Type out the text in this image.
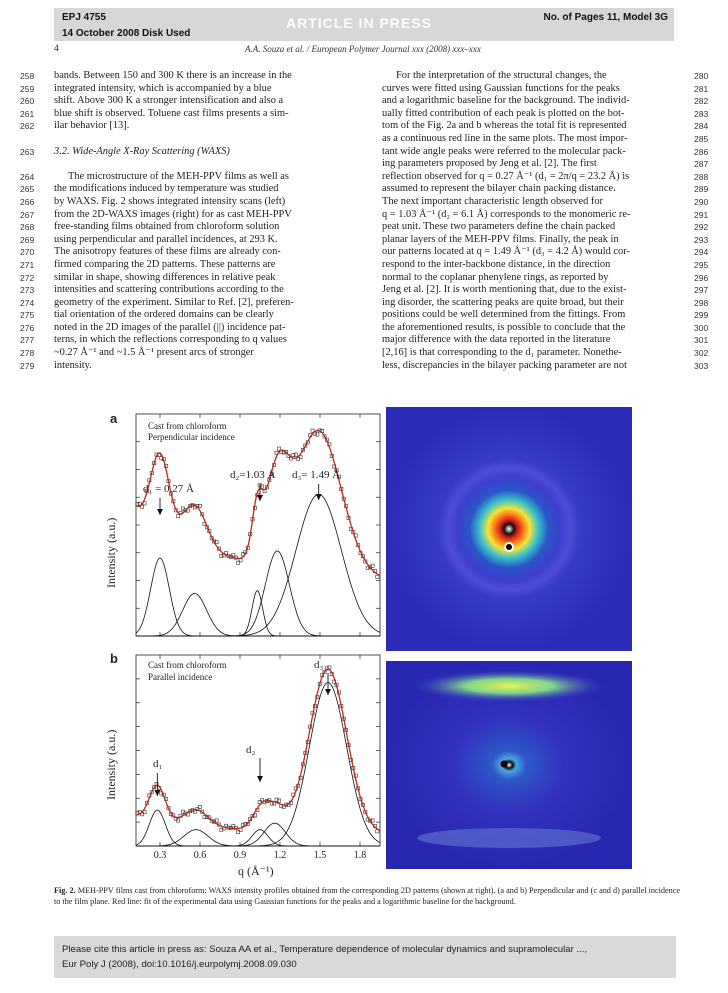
EPJ 4755
14 October 2008 Disk Used
ARTICLE IN PRESS	No. of Pages 11, Model 3G
4	A.A. Souza et al. / European Polymer Journal xxx (2008) xxx–xxx
258
259
260
261
262
263
264
265
266
267
268
269
270
271
272
273
274
275
276
277
278
279
280
281
282
283
284
285
286
287
288
289
290
291
292
293
294
295
296
297
298
299
300
301
302
303
bands. Between 150 and 300 K there is an increase in the
integrated intensity, which is accompanied by a blue
shift. Above 300 K a stronger intensification and also a
blue shift is observed. Toluene cast films presents a sim-
ilar behavior [13].
3.2. Wide-Angle X-Ray Scattering (WAXS)
The microstructure of the MEH-PPV films as well as
the modifications induced by temperature was studied
by WAXS. Fig. 2 shows integrated intensity scans (left)
from the 2D-WAXS images (right) for as cast MEH-PPV
free-standing films obtained from chloroform solution
using perpendicular and parallel incidences, at 293 K.
The anisotropy features of these films are already con-
firmed comparing the 2D patterns. These patterns are
similar in shape, showing differences in relative peak
intensities and scattering contributions according to the
geometry of the experiment. Similar to Ref. [2], preferen-
tial orientation of the ordered domains can be clearly
noted in the 2D images of the parallel (||) incidence pat-
terns, in which the reflections corresponding to q values
~0.27 Å⁻¹ and ~1.5 Å⁻¹ present arcs of stronger
intensity.
For the interpretation of the structural changes, the
curves were fitted using Gaussian functions for the peaks
and a logarithmic baseline for the background. The individ-
ually fitted contribution of each peak is plotted on the bot-
tom of the Fig. 2a and b whereas the total fit is represented
as a continuous red line in the same plots. The most impor-
tant wide angle peaks were referred to the molecular pack-
ing parameters proposed by Jeng et al. [2]. The first
reflection observed for q = 0.27 Å⁻¹ (d₁ = 2π/q = 23.2 Å) is
assumed to represent the bilayer chain packing distance.
The next important characteristic length observed for
q = 1.03 Å⁻¹ (d₂ = 6.1 Å) corresponds to the monomeric re-
peat unit. These two parameters define the chain packed
planar layers of the MEH-PPV films. Finally, the peak in
our patterns located at q = 1.49 Å⁻¹ (d₃ = 4.2 Å) would cor-
respond to the inter-backbone distance, in the direction
normal to the coplanar phenylene rings, as reported by
Jeng et al. [2]. It is worth mentioning that, due to the exist-
ing disorder, the scattering peaks are quite broad, but their
positions could be well determined from the fittings. From
the aforementioned results, is possible to conclude that the
major difference with the data reported in the literature
[2,16] is that corresponding to the d₁ parameter. Nonethe-
less, discrepancies in the bilayer packing parameter are not
0.3	0.6	0.9	1.2	1.5	1.8
a
b
Cast from chloroform
Perpendicular incidence
Cast from chloroform
Parallel incidence
d₁ = 0.27 Å
d₂=1.03 Å d₃= 1.49 Å
d₁
d₂
d₃
Intensity (a.u.)
Intensity (a.u.)
q (Å⁻¹)
Fig. 2. MEH-PPV films cast from chloroform: WAXS intensity profiles obtained from the corresponding 2D patterns (shown at right). (a and b) Perpendicular and (c and d) parallel incidence to the film plane. Red line: fit of the experimental data using Gaussian functions for the peaks and a logarithmic baseline for the background.
Please cite this article in press as: Souza AA et al., Temperature dependence of molecular dynamics and supramolecular ...,
Eur Poly J (2008), doi:10.1016/j.eurpolymj.2008.09.030
